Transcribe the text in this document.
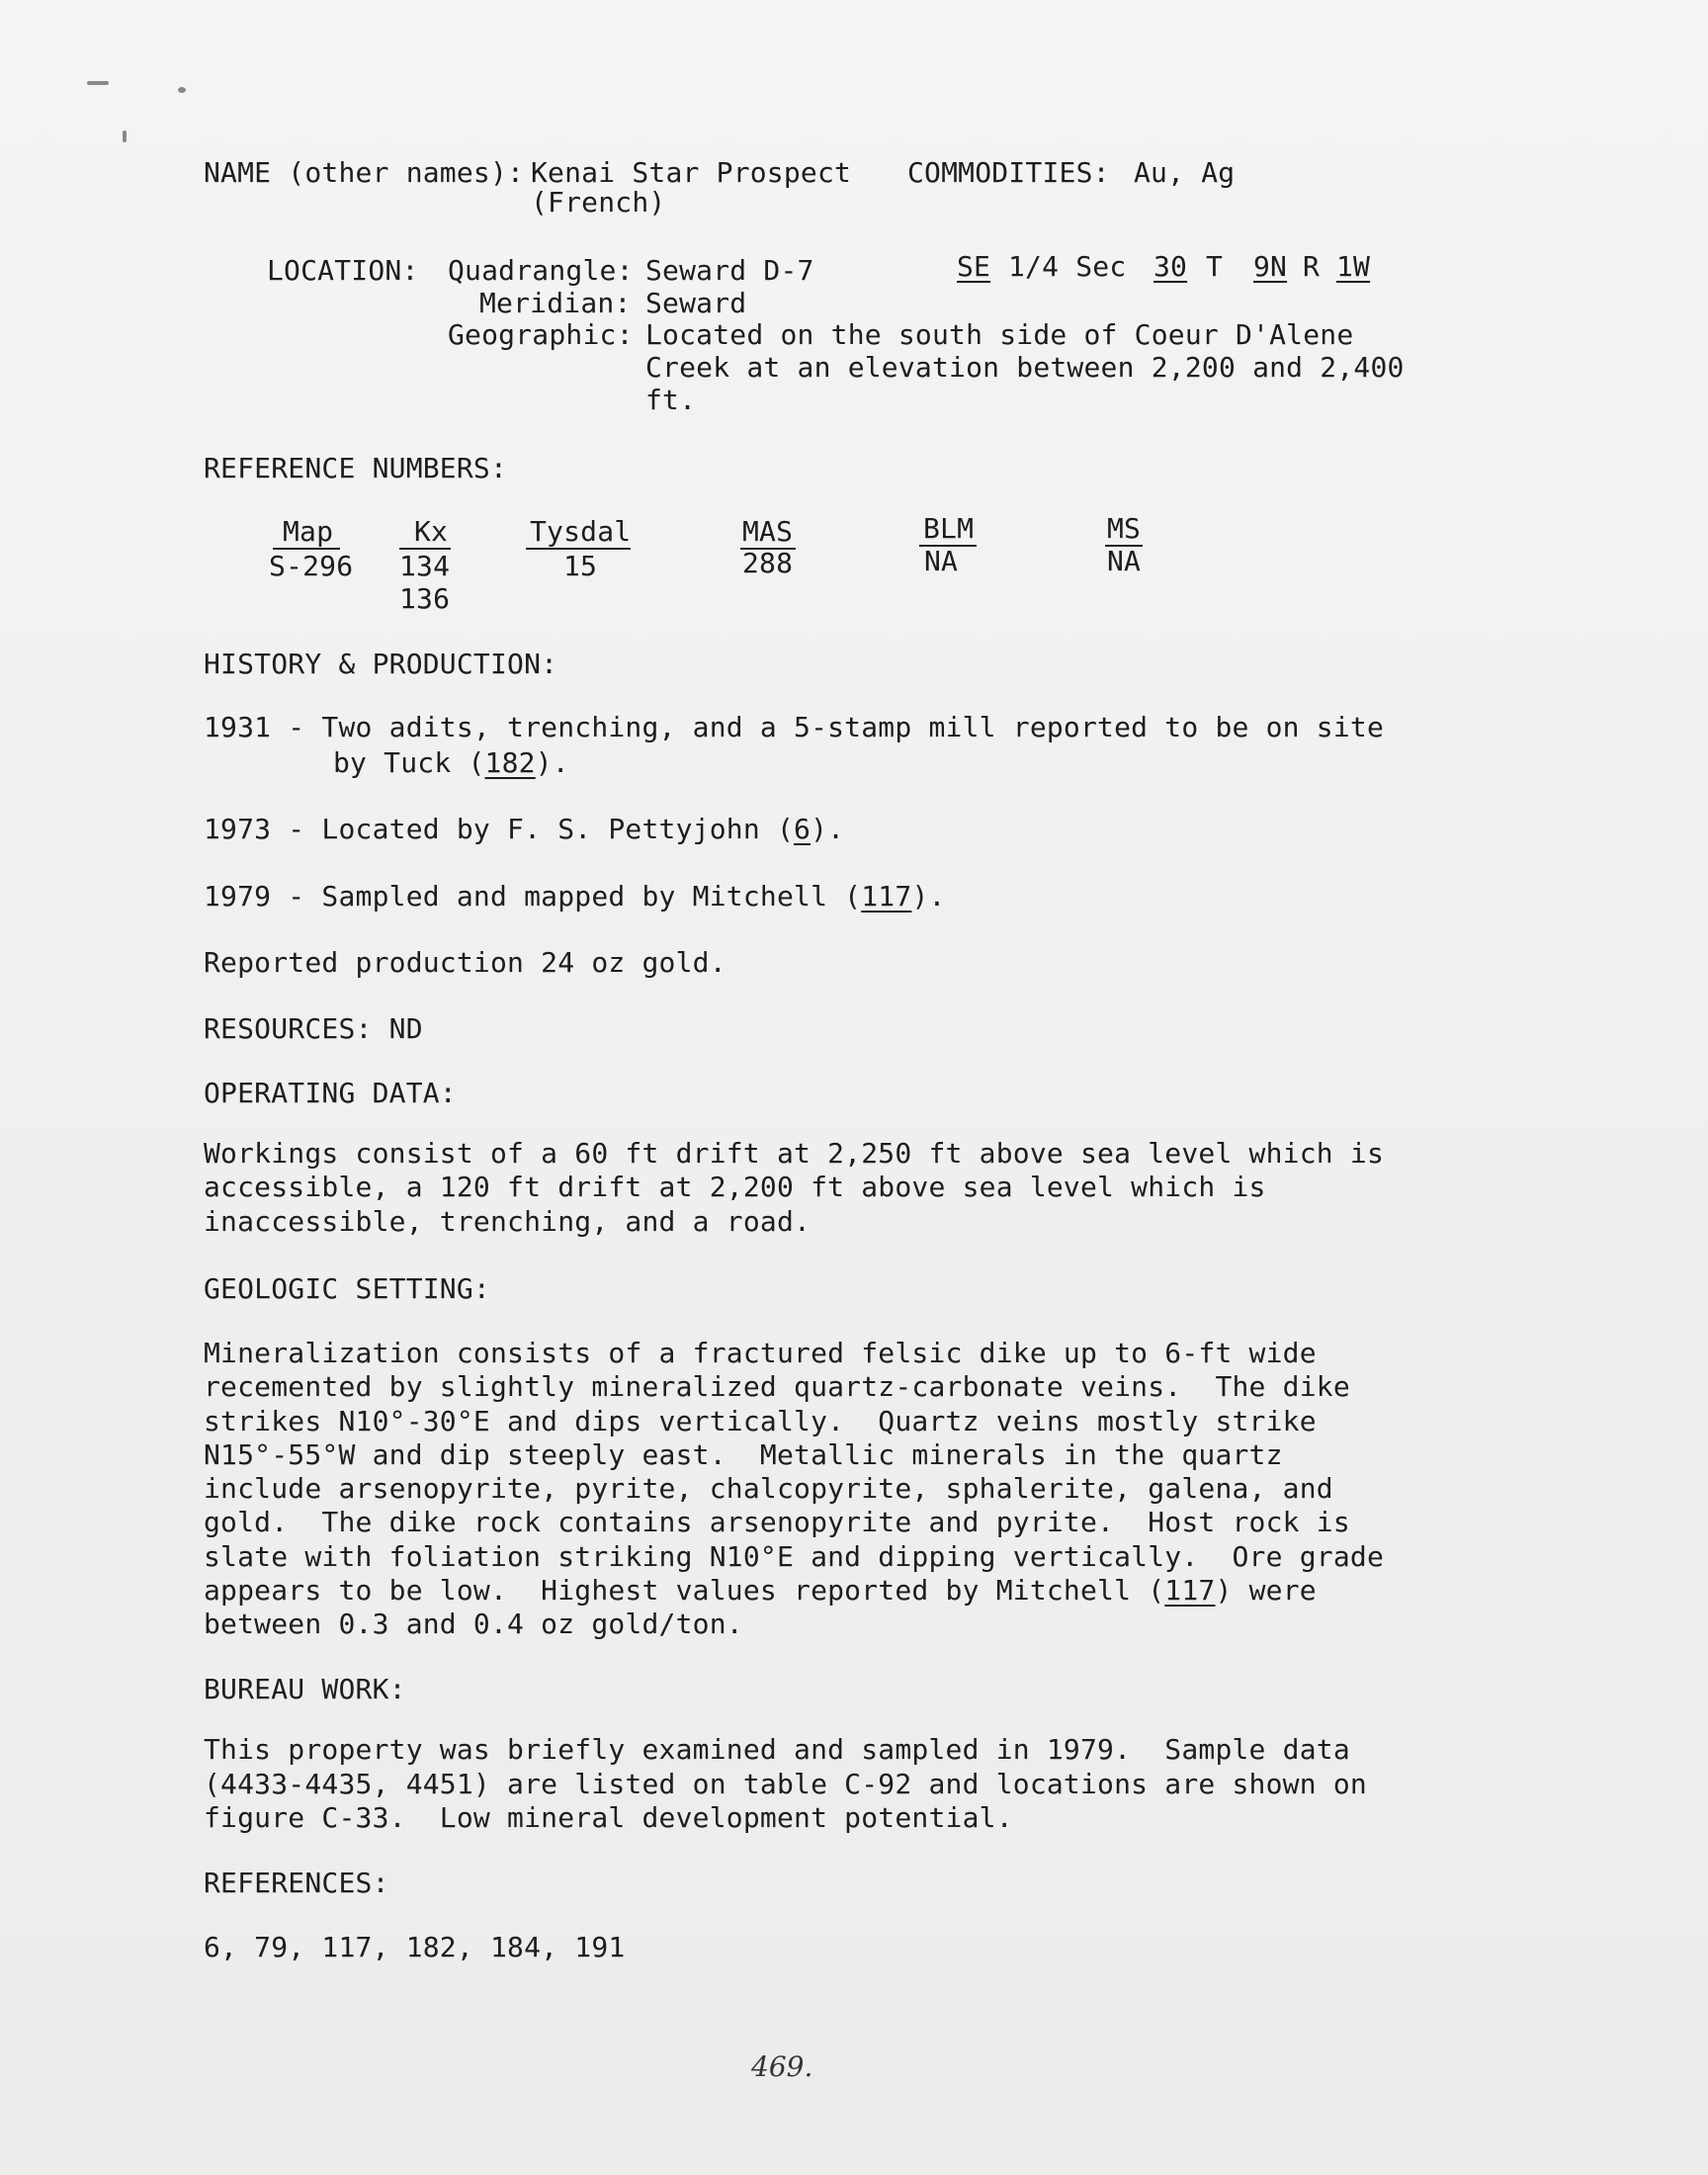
NAME (other names): Kenai Star Prospect
(French)
COMMODITIES: Au, Ag
LOCATION: Quadrangle: Seward D-7	SE 1/4 Sec 30 T 9N R 1W
Meridian: Seward
Geographic: Located on the south side of Coeur D'Alene
Creek at an elevation between 2,200 and 2,400
ft.
REFERENCE NUMBERS:
Map
S-296
Kx
134
136
Tysdal
15
MAS
288
BLM
NA
MS
NA
HISTORY & PRODUCTION:
1931 - Two adits, trenching, and a 5-stamp mill reported to be on site
by Tuck (182).
1973 - Located by F. S. Pettyjohn (6).
1979 - Sampled and mapped by Mitchell (117).
Reported production 24 oz gold.
RESOURCES: ND
OPERATING DATA:
Workings consist of a 60 ft drift at 2,250 ft above sea level which is
accessible, a 120 ft drift at 2,200 ft above sea level which is
inaccessible, trenching, and a road.
GEOLOGIC SETTING:
Mineralization consists of a fractured felsic dike up to 6-ft wide
recemented by slightly mineralized quartz-carbonate veins.  The dike
strikes N10°-30°E and dips vertically.  Quartz veins mostly strike
N15°-55°W and dip steeply east.  Metallic minerals in the quartz
include arsenopyrite, pyrite, chalcopyrite, sphalerite, galena, and
gold.  The dike rock contains arsenopyrite and pyrite.  Host rock is
slate with foliation striking N10°E and dipping vertically.  Ore grade
appears to be low.  Highest values reported by Mitchell (117) were
between 0.3 and 0.4 oz gold/ton.
BUREAU WORK:
This property was briefly examined and sampled in 1979.  Sample data
(4433-4435, 4451) are listed on table C-92 and locations are shown on
figure C-33.  Low mineral development potential.
REFERENCES:
6, 79, 117, 182, 184, 191
469.
